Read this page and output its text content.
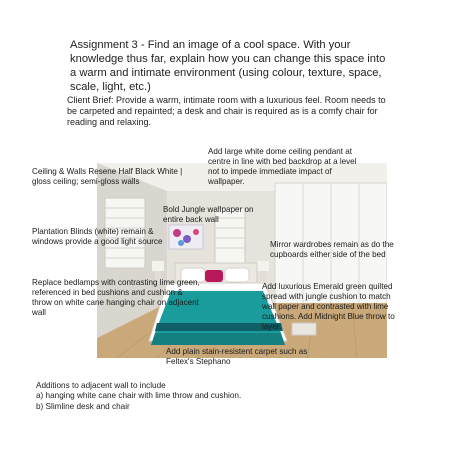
Assignment 3 - Find an image of a cool space. With your knowledge thus far, explain how you can change this space into a warm and intimate environment (using colour, texture, space, scale, light, etc.)
Client Brief: Provide a warm, intimate room with a luxurious feel. Room needs to be carpeted and repainted; a desk and chair is required as is a comfy chair for reading and relaxing.
Ceiling & Walls Resene Half Black White | gloss ceiling; semi-gloss walls
Add large white dome ceiling pendant at centre in line with bed backdrop at a level not to impede immediate impact of wallpaper.
Bold Jungle wallpaper on entire back wall
Plantation Blinds (white) remain & windows provide a good light source	Mirror wardrobes remain as do the cupboards either side of the bed
Replace bedlamps with contrasting lime green, referenced in bed cushions and cushion & throw on white cane hanging chair on adjacent wall
Add luxurious Emerald green quilted spread with jungle cushion to match wall paper and contrasted with lime cushions. Add Midnight Blue throw to layer.
Add plain stain-resistent carpet such as Feltex's Stephano
Additions to adjacent wall to include
a) hanging white cane chair with lime throw and cushion.
b) Slimline desk and chair
